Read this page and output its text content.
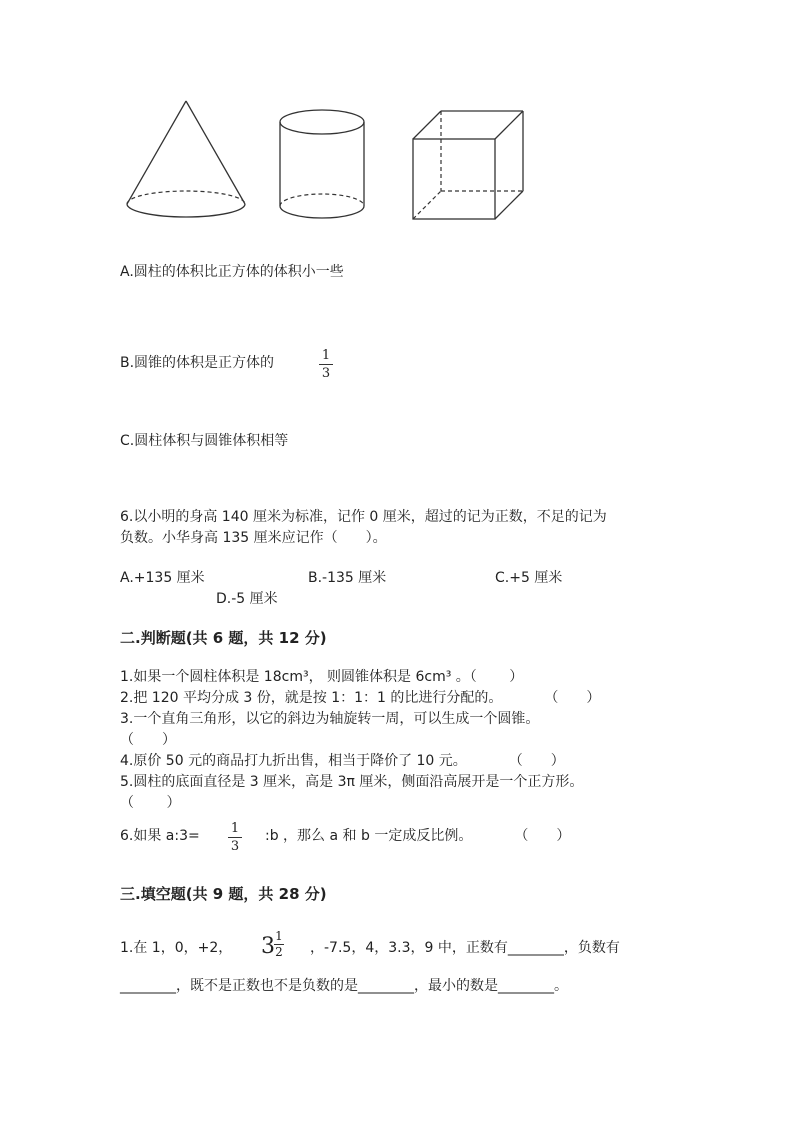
A.圆柱的体积比正方体的体积小一些
B.圆锥的体积是正方体的	1
3
C.圆柱体积与圆锥体积相等
6.以小明的身高 140 厘米为标准，记作 0 厘米，超过的记为正数，不足的记为
负数。小华身高 135 厘米应记作（　　）。
A.+135 厘米	B.-135 厘米	C.+5 厘米
D.-5 厘米
二.判断题(共 6 题，共 12 分)
1.如果一个圆柱体积是 18cm³， 则圆锥体积是 6cm³ 。（　　 ）
2.把 120 平均分成 3 份，就是按 1：1：1 的比进行分配的。　　　　（　　）
3.一个直角三角形，以它的斜边为轴旋转一周，可以生成一个圆锥。
（　　）
4.原价 50 元的商品打九折出售，相当于降价了 10 元。　　　　（　　）
5.圆柱的底面直径是 3 厘米，高是 3π 厘米，侧面沿高展开是一个正方形。
（　　 ）
6.如果 a:3= 1
3
:b ，那么 a 和 b 一定成反比例。　　　　（　　）
三.填空题(共 9 题，共 28 分)
1.在 1，0，+2， 3 1
2 ，-7.5，4，3.3，9 中，正数有________，负数有
________，既不是正数也不是负数的是________，最小的数是________。
